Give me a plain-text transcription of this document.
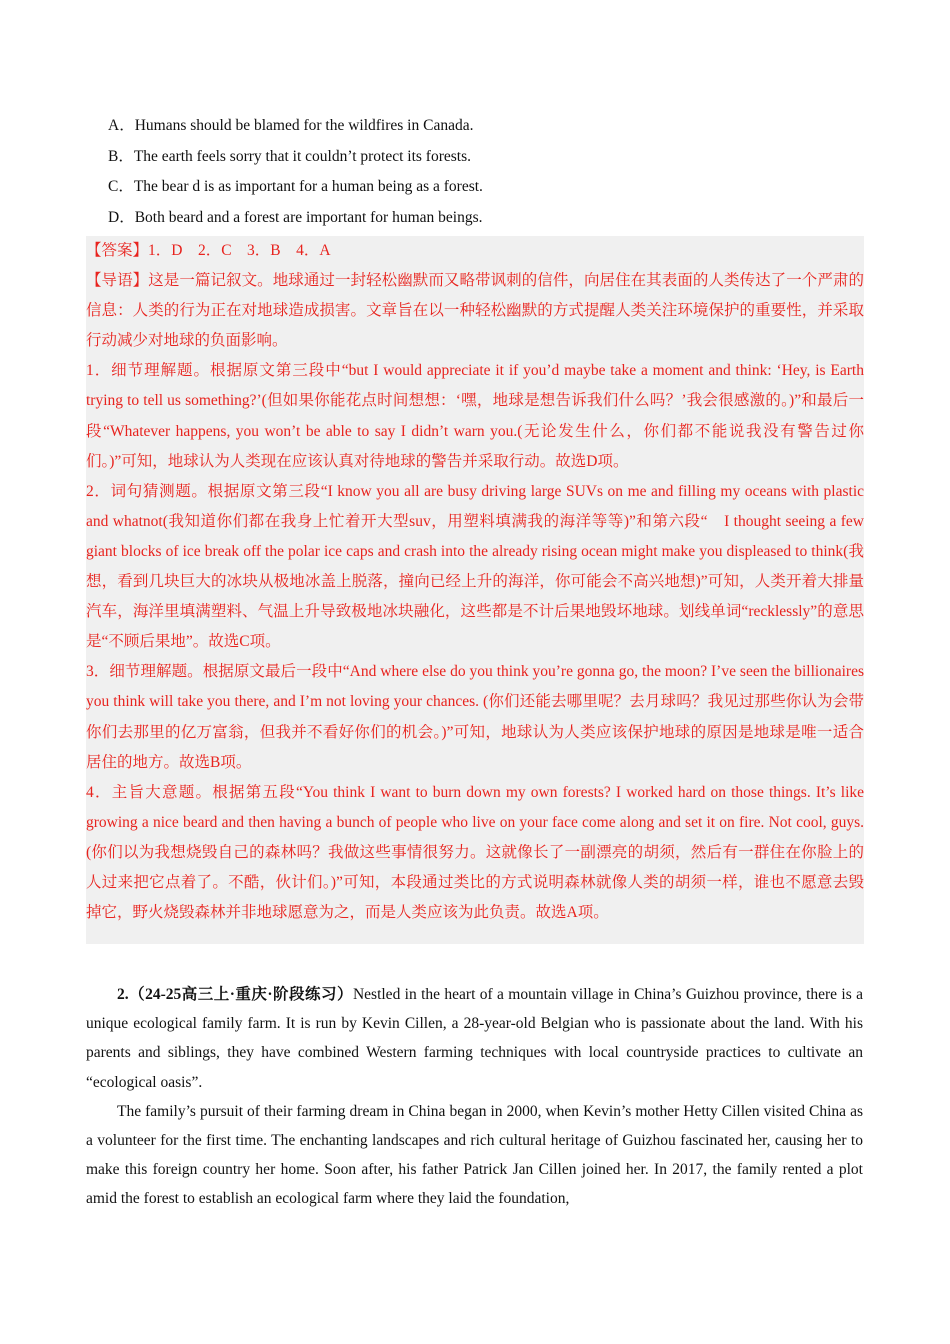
A．Humans should be blamed for the wildfires in Canada.
B．The earth feels sorry that it couldn’t protect its forests.
C．The bear d is as important for a human being as a forest.
D．Both beard and a forest are important for human beings.

【答案】1．D　2．C　3．B　4．A

【导语】这是一篇记叙文。地球通过一封轻松幽默而又略带讽刺的信件，向居住在其表面的人类传达了一个严肃的信息：人类的行为正在对地球造成损害。文章旨在以一种轻松幽默的方式提醒人类关注环境保护的重要性，并采取行动减少对地球的负面影响。

1．细节理解题。根据原文第三段中“but I would appreciate it if you’d maybe take a moment and think: ‘Hey, is Earth trying to tell us something?’(但如果你能花点时间想想：‘嘿，地球是想告诉我们什么吗？’我会很感激的。)”和最后一段“Whatever happens, you won’t be able to say I didn’t warn you.(无论发生什么，你们都不能说我没有警告过你们。)”可知，地球认为人类现在应该认真对待地球的警告并采取行动。故选D项。

2．词句猜测题。根据原文第三段“I know you all are busy driving large SUVs on me and filling my oceans with plastic and whatnot(我知道你们都在我身上忙着开大型suv，用塑料填满我的海洋等等)”和第六段“　I thought seeing a few giant blocks of ice break off the polar ice caps and crash into the already rising ocean might make you displeased to think(我想，看到几块巨大的冰块从极地冰盖上脱落，撞向已经上升的海洋，你可能会不高兴地想)”可知，人类开着大排量汽车，海洋里填满塑料、气温上升导致极地冰块融化，这些都是不计后果地毁坏地球。划线单词“recklessly”的意思是“不顾后果地”。故选C项。

3．细节理解题。根据原文最后一段中“And where else do you think you’re gonna go, the moon? I’ve seen the billionaires you think will take you there, and I’m not loving your chances. (你们还能去哪里呢？去月球吗？我见过那些你认为会带你们去那里的亿万富翁，但我并不看好你们的机会。)”可知，地球认为人类应该保护地球的原因是地球是唯一适合居住的地方。故选B项。

4．主旨大意题。根据第五段“You think I want to burn down my own forests? I worked hard on those things. It’s like growing a nice beard and then having a bunch of people who live on your face come along and set it on fire. Not cool, guys.(你们以为我想烧毁自己的森林吗？我做这些事情很努力。这就像长了一副漂亮的胡须，然后有一群住在你脸上的人过来把它点着了。不酷，伙计们。)”可知，本段通过类比的方式说明森林就像人类的胡须一样，谁也不愿意去毁掉它，野火烧毁森林并非地球愿意为之，而是人类应该为此负责。故选A项。

2.（24-25高三上·重庆·阶段练习）Nestled in the heart of a mountain village in China’s Guizhou province, there is a unique ecological family farm. It is run by Kevin Cillen, a 28-year-old Belgian who is passionate about the land. With his parents and siblings, they have combined Western farming techniques with local countryside practices to cultivate an “ecological oasis”.

The family’s pursuit of their farming dream in China began in 2000, when Kevin’s mother Hetty Cillen visited China as a volunteer for the first time. The enchanting landscapes and rich cultural heritage of Guizhou fascinated her, causing her to make this foreign country her home. Soon after, his father Patrick Jan Cillen joined her. In 2017, the family rented a plot amid the forest to establish an ecological farm where they laid the foundation,
